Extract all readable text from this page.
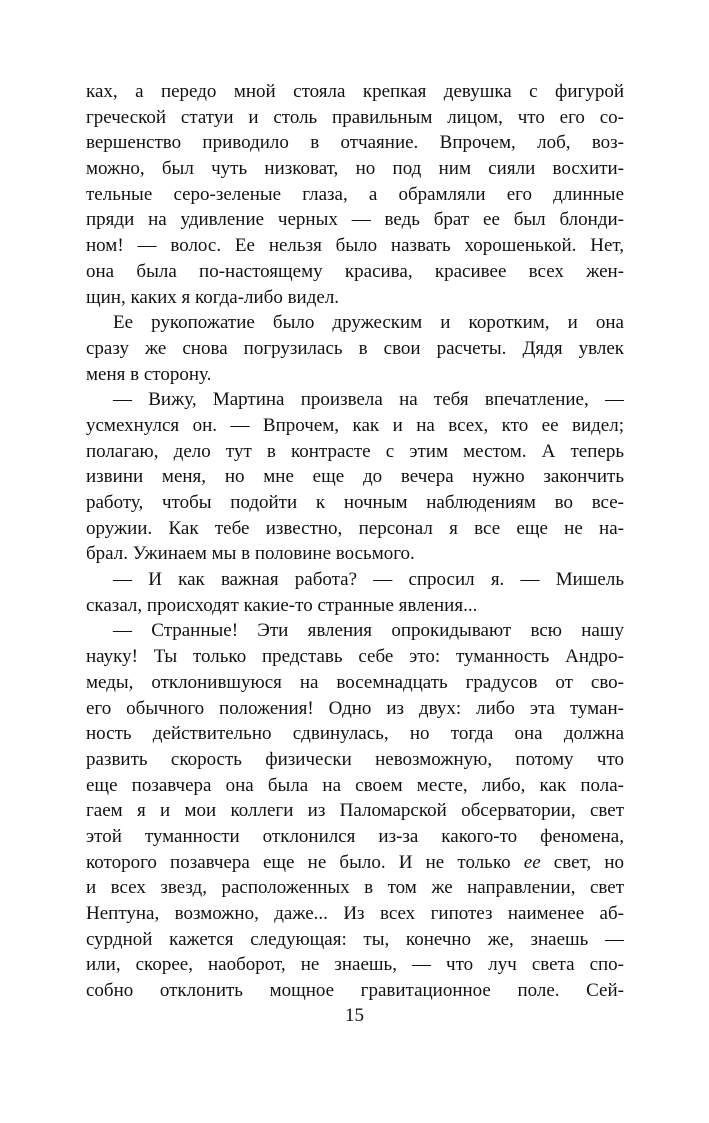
ках, а передо мной стояла крепкая девушка с фигурой
греческой статуи и столь правильным лицом, что его со-
вершенство приводило в отчаяние. Впрочем, лоб, воз-
можно, был чуть низковат, но под ним сияли восхити-
тельные серо-зеленые глаза, а обрамляли его длинные
пряди на удивление черных — ведь брат ее был блонди-
ном! — волос. Ее нельзя было назвать хорошенькой. Нет,
она была по-настоящему красива, красивее всех жен-
щин, каких я когда-либо видел.
Ее рукопожатие было дружеским и коротким, и она
сразу же снова погрузилась в свои расчеты. Дядя увлек
меня в сторону.
— Вижу, Мартина произвела на тебя впечатление, —
усмехнулся он. — Впрочем, как и на всех, кто ее видел;
полагаю, дело тут в контрасте с этим местом. А теперь
извини меня, но мне еще до вечера нужно закончить
работу, чтобы подойти к ночным наблюдениям во все-
оружии. Как тебе известно, персонал я все еще не на-
брал. Ужинаем мы в половине восьмого.
— И как важная работа? — спросил я. — Мишель
сказал, происходят какие-то странные явления...
— Странные! Эти явления опрокидывают всю нашу
науку! Ты только представь себе это: туманность Андро-
меды, отклонившуюся на восемнадцать градусов от сво-
его обычного положения! Одно из двух: либо эта туман-
ность действительно сдвинулась, но тогда она должна
развить скорость физически невозможную, потому что
еще позавчера она была на своем месте, либо, как пола-
гаем я и мои коллеги из Паломарской обсерватории, свет
этой туманности отклонился из-за какого-то феномена,
которого позавчера еще не было. И не только ее свет, но
и всех звезд, расположенных в том же направлении, свет
Нептуна, возможно, даже... Из всех гипотез наименее аб-
сурдной кажется следующая: ты, конечно же, знаешь —
или, скорее, наоборот, не знаешь, — что луч света спо-
собно отклонить мощное гравитационное поле. Сей-
15
